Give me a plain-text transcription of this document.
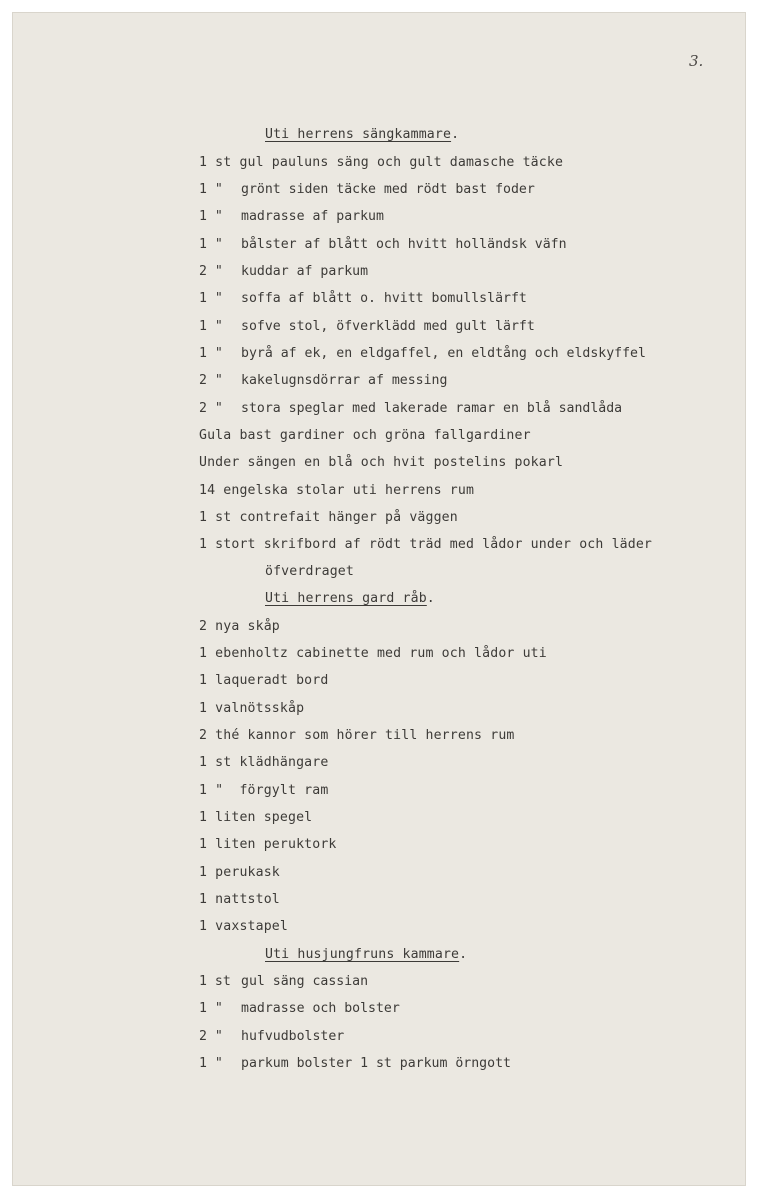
3.
Uti herrens sängkammare.
1 st gul pauluns säng och gult damasche täcke
1 " grönt siden täcke med rödt bast foder
1 " madrasse af parkum
1 " bålster af blått och hvitt holländsk väfn
2 " kuddar af parkum
1 " soffa af blått o. hvitt bomullslärft
1 " sofve stol, öfverklädd med gult lärft
1 " byrå af ek, en eldgaffel, en eldtång och eldskyffel
2 " kakelugnsdörrar af messing
2 " stora speglar med lakerade ramar en blå sandlåda
Gula bast gardiner och gröna fallgardiner
Under sängen en blå och hvit postelins pokarl
14 engelska stolar uti herrens rum
1 st contrefait hänger på väggen
1 stort skrifbord af rödt träd med lådor under och läder
öfverdraget
Uti herrens gard råb.
2 nya skåp
1 ebenholtz cabinette med rum och lådor uti
1 laqueradt bord
1 valnötsskåp
2 thé kannor som hörer till herrens rum
1 st klädhängare
1 "  förgylt ram
1 liten spegel
1 liten peruktork
1 perukask
1 nattstol
1 vaxstapel
Uti husjungfruns kammare.
1 st gul säng cassian
1 " madrasse och bolster
2 " hufvudbolster
1 " parkum bolster 1 st parkum örngott
